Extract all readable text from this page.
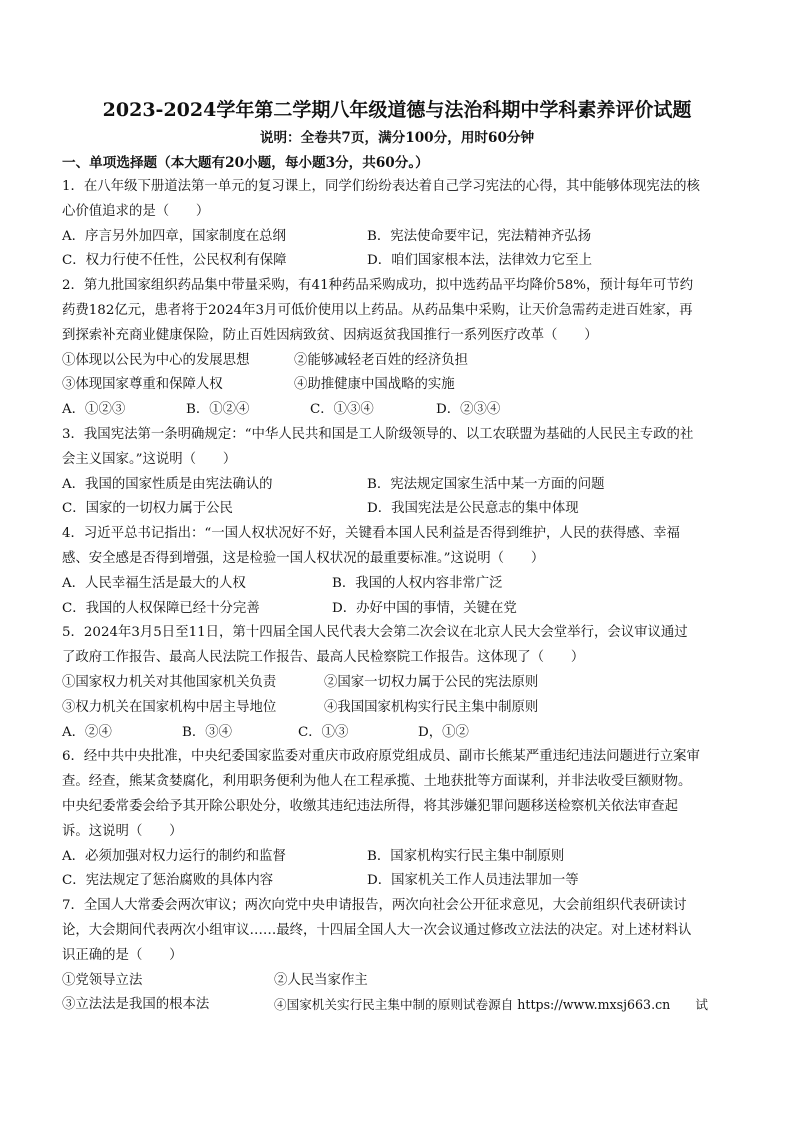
2023-2024学年第二学期八年级道德与法治科期中学科素养评价试题
说明：全卷共7页，满分100分，用时60分钟
一、单项选择题（本大题有20小题，每小题3分，共60分。）

1．在八年级下册道法第一单元的复习课上，同学们纷纷表达着自己学习宪法的心得，其中能够体现宪法的核

心价值追求的是（　　）

A．序言另外加四章，国家制度在总纲	B．宪法使命要牢记，宪法精神齐弘扬
C．权力行使不任性，公民权利有保障	D．咱们国家根本法，法律效力它至上

2．第九批国家组织药品集中带量采购，有41种药品采购成功，拟中选药品平均降价58%，预计每年可节约

药费182亿元，患者将于2024年3月可低价使用以上药品。从药品集中采购，让天价急需药走进百姓家，再

到探索补充商业健康保险，防止百姓因病致贫、因病返贫我国推行一系列医疗改革（　　）

①体现以公民为中心的发展思想	②能够减轻老百姓的经济负担
③体现国家尊重和保障人权	④助推健康中国战略的实施
A．①②③	B．①②④	C．①③④	D．②③④

3．我国宪法第一条明确规定：“中华人民共和国是工人阶级领导的、以工农联盟为基础的人民民主专政的社

会主义国家。”这说明（　　）

A．我国的国家性质是由宪法确认的	B．宪法规定国家生活中某一方面的问题
C．国家的一切权力属于公民	D．我国宪法是公民意志的集中体现

4．习近平总书记指出：“一国人权状况好不好，关键看本国人民利益是否得到维护，人民的获得感、幸福

感、安全感是否得到增强，这是检验一国人权状况的最重要标准。”这说明（　　）

A．人民幸福生活是最大的人权	B．我国的人权内容非常广泛
C．我国的人权保障已经十分完善	D．办好中国的事情，关键在党

5．2024年3月5日至11日，第十四届全国人民代表大会第二次会议在北京人民大会堂举行，会议审议通过

了政府工作报告、最高人民法院工作报告、最高人民检察院工作报告。这体现了（　　）

①国家权力机关对其他国家机关负责	②国家一切权力属于公民的宪法原则
③权力机关在国家机构中居主导地位	④我国国家机构实行民主集中制原则
A．②④	B．③④	C．①③	D，①②

6．经中共中央批准，中央纪委国家监委对重庆市政府原党组成员、副市长熊某严重违纪违法问题进行立案审

查。经查，熊某贪婪腐化，利用职务便利为他人在工程承揽、土地获批等方面谋利，并非法收受巨额财物。

中央纪委常委会给予其开除公职处分，收缴其违纪违法所得，将其涉嫌犯罪问题移送检察机关依法审查起

诉。这说明（　　）

A．必须加强对权力运行的制约和监督	B．国家机构实行民主集中制原则
C．宪法规定了惩治腐败的具体内容	D．国家机关工作人员违法罪加一等

7．全国人大常委会两次审议；两次向党中央申请报告，两次向社会公开征求意见，大会前组织代表研读讨

论，大会期间代表两次小组审议……最终，十四届全国人大一次会议通过修改立法法的决定。对上述材料认

识正确的是（　　）

①党领导立法	②人民当家作主
③立法法是我国的根本法	④国家机关实行民主集中制的原则试卷源自 https://www.mxsj663.cn　　试
